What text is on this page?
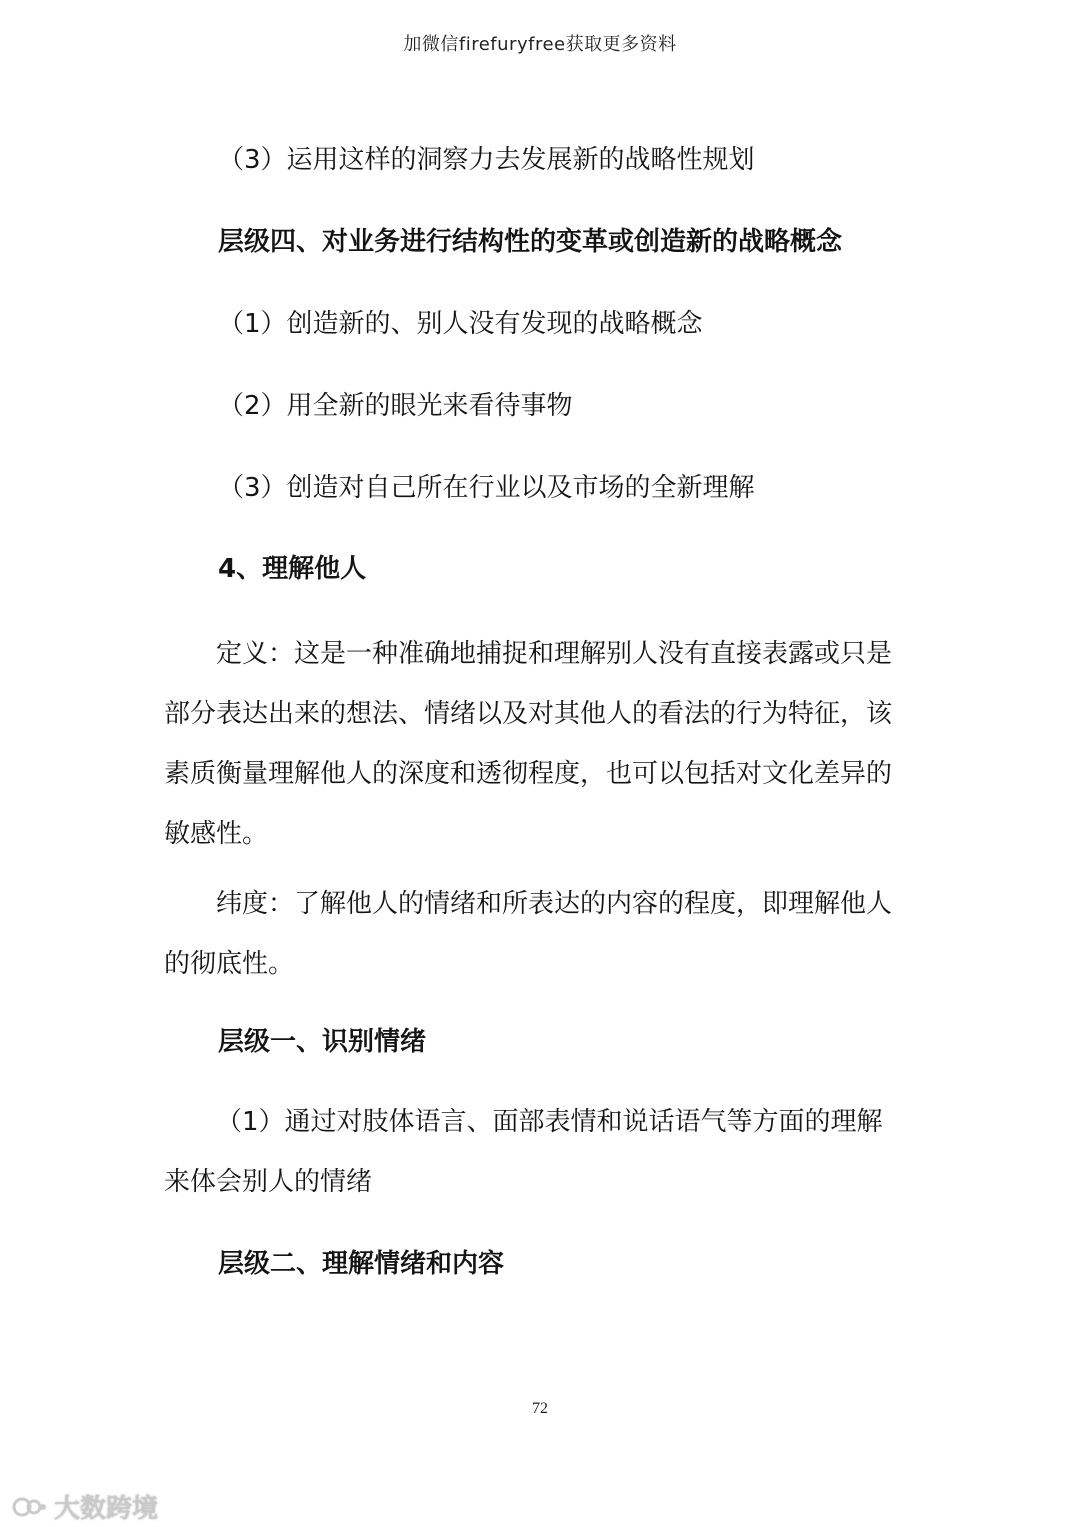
加微信firefuryfree获取更多资料
（3）运用这样的洞察力去发展新的战略性规划
层级四、对业务进行结构性的变革或创造新的战略概念
（1）创造新的、别人没有发现的战略概念
（2）用全新的眼光来看待事物
（3）创造对自己所在行业以及市场的全新理解
4、理解他人
定义：这是一种准确地捕捉和理解别人没有直接表露或只是
部分表达出来的想法、情绪以及对其他人的看法的行为特征，该
素质衡量理解他人的深度和透彻程度，也可以包括对文化差异的
敏感性。
纬度：了解他人的情绪和所表达的内容的程度，即理解他人
的彻底性。
层级一、识别情绪
（1）通过对肢体语言、面部表情和说话语气等方面的理解
来体会别人的情绪
层级二、理解情绪和内容
72
大数跨境
